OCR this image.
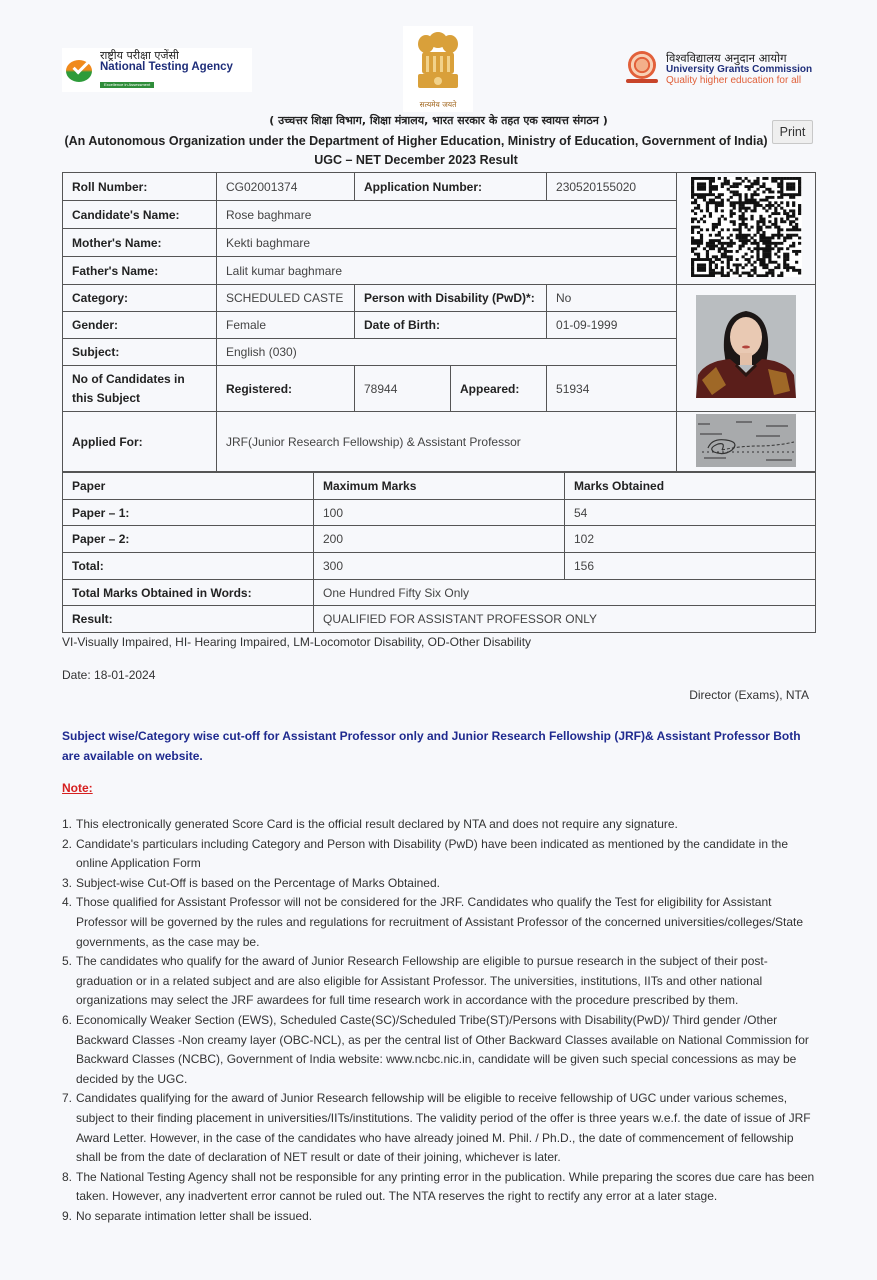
राष्ट्रीय परीक्षा एजेंसी
National Testing Agency
Excellence in Assessment
सत्यमेव जयते
विश्वविद्यालय अनुदान आयोग
University Grants Commission
Quality higher education for all
( उच्चत्तर शिक्षा विभाग, शिक्षा मंत्रालय, भारत सरकार के तहत एक स्वायत्त संगठन )
(An Autonomous Organization under the Department of Higher Education, Ministry of Education, Government of India)
UGC – NET December 2023 Result
Print
Roll Number:	CG02001374	Application Number:		230520155020	
Candidate's Name:	Rose baghmare				
Mother's Name:	Kekti baghmare				
Father's Name:	Lalit kumar baghmare				
Category:	SCHEDULED CASTE	Person with Disability (PwD)*:		No	
Gender:	Female	Date of Birth:		01-09-1999	
Subject:	English (030)				
No of Candidates in this Subject	Registered:	78944	Appeared:	51934	
Applied For:	JRF(Junior Research Fellowship) & Assistant Professor	
Paper	Maximum Marks	Marks Obtained
Paper – 1:	100	54
Paper – 2:	200	102
Total:	300	156
Total Marks Obtained in Words:	One Hundred Fifty Six Only	
Result:	QUALIFIED FOR ASSISTANT PROFESSOR ONLY	
VI-Visually Impaired, HI- Hearing Impaired, LM-Locomotor Disability, OD-Other Disability
Date: 18-01-2024
Director (Exams), NTA
Subject wise/Category wise cut-off for Assistant Professor only and Junior Research Fellowship (JRF)& Assistant Professor Both are available on website.
Note:
1. This electronically generated Score Card is the official result declared by NTA and does not require any signature.
2. Candidate's particulars including Category and Person with Disability (PwD) have been indicated as mentioned by the candidate in the online Application Form
3. Subject-wise Cut-Off is based on the Percentage of Marks Obtained.
4. Those qualified for Assistant Professor will not be considered for the JRF. Candidates who qualify the Test for eligibility for Assistant Professor will be governed by the rules and regulations for recruitment of Assistant Professor of the concerned universities/colleges/State governments, as the case may be.
5. The candidates who qualify for the award of Junior Research Fellowship are eligible to pursue research in the subject of their post-graduation or in a related subject and are also eligible for Assistant Professor. The universities, institutions, IITs and other national organizations may select the JRF awardees for full time research work in accordance with the procedure prescribed by them.
6. Economically Weaker Section (EWS), Scheduled Caste(SC)/Scheduled Tribe(ST)/Persons with Disability(PwD)/ Third gender /Other Backward Classes -Non creamy layer (OBC-NCL), as per the central list of Other Backward Classes available on National Commission for Backward Classes (NCBC), Government of India website: www.ncbc.nic.in, candidate will be given such special concessions as may be decided by the UGC.
7. Candidates qualifying for the award of Junior Research fellowship will be eligible to receive fellowship of UGC under various schemes, subject to their finding placement in universities/IITs/institutions. The validity period of the offer is three years w.e.f. the date of issue of JRF Award Letter. However, in the case of the candidates who have already joined M. Phil. / Ph.D., the date of commencement of fellowship shall be from the date of declaration of NET result or date of their joining, whichever is later.
8. The National Testing Agency shall not be responsible for any printing error in the publication. While preparing the scores due care has been taken. However, any inadvertent error cannot be ruled out. The NTA reserves the right to rectify any error at a later stage.
9. No separate intimation letter shall be issued.
